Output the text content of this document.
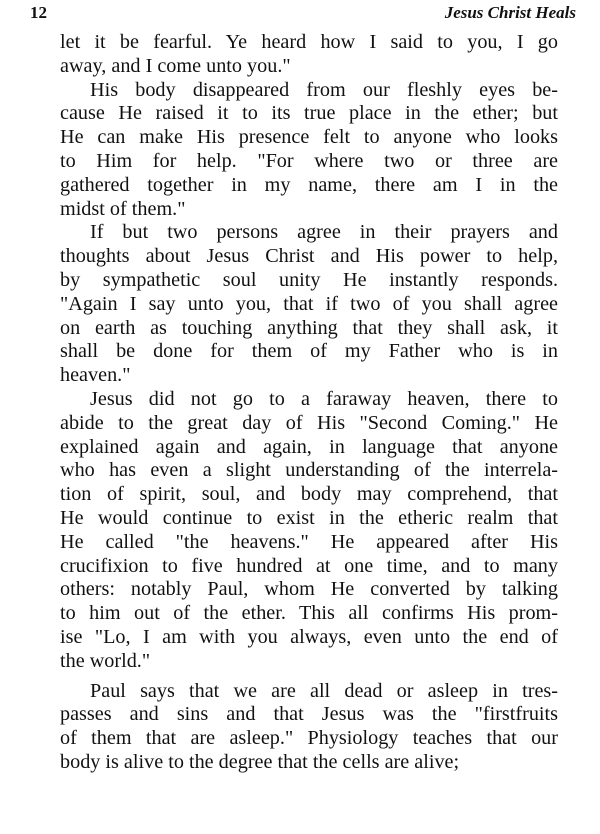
12	Jesus Christ Heals

let it be fearful. Ye heard how I said to you, I go
away, and I come unto you."

His body disappeared from our fleshly eyes be-
cause He raised it to its true place in the ether; but
He can make His presence felt to anyone who looks
to Him for help. "For where two or three are
gathered together in my name, there am I in the
midst of them."

If but two persons agree in their prayers and
thoughts about Jesus Christ and His power to help,
by sympathetic soul unity He instantly responds.
"Again I say unto you, that if two of you shall agree
on earth as touching anything that they shall ask, it
shall be done for them of my Father who is in
heaven."

Jesus did not go to a faraway heaven, there to
abide to the great day of His "Second Coming." He
explained again and again, in language that anyone
who has even a slight understanding of the interrela-
tion of spirit, soul, and body may comprehend, that
He would continue to exist in the etheric realm that
He called "the heavens." He appeared after His
crucifixion to five hundred at one time, and to many
others: notably Paul, whom He converted by talking
to him out of the ether. This all confirms His prom-
ise "Lo, I am with you always, even unto the end of
the world."

Paul says that we are all dead or asleep in tres-
passes and sins and that Jesus was the "firstfruits
of them that are asleep." Physiology teaches that our
body is alive to the degree that the cells are alive;
